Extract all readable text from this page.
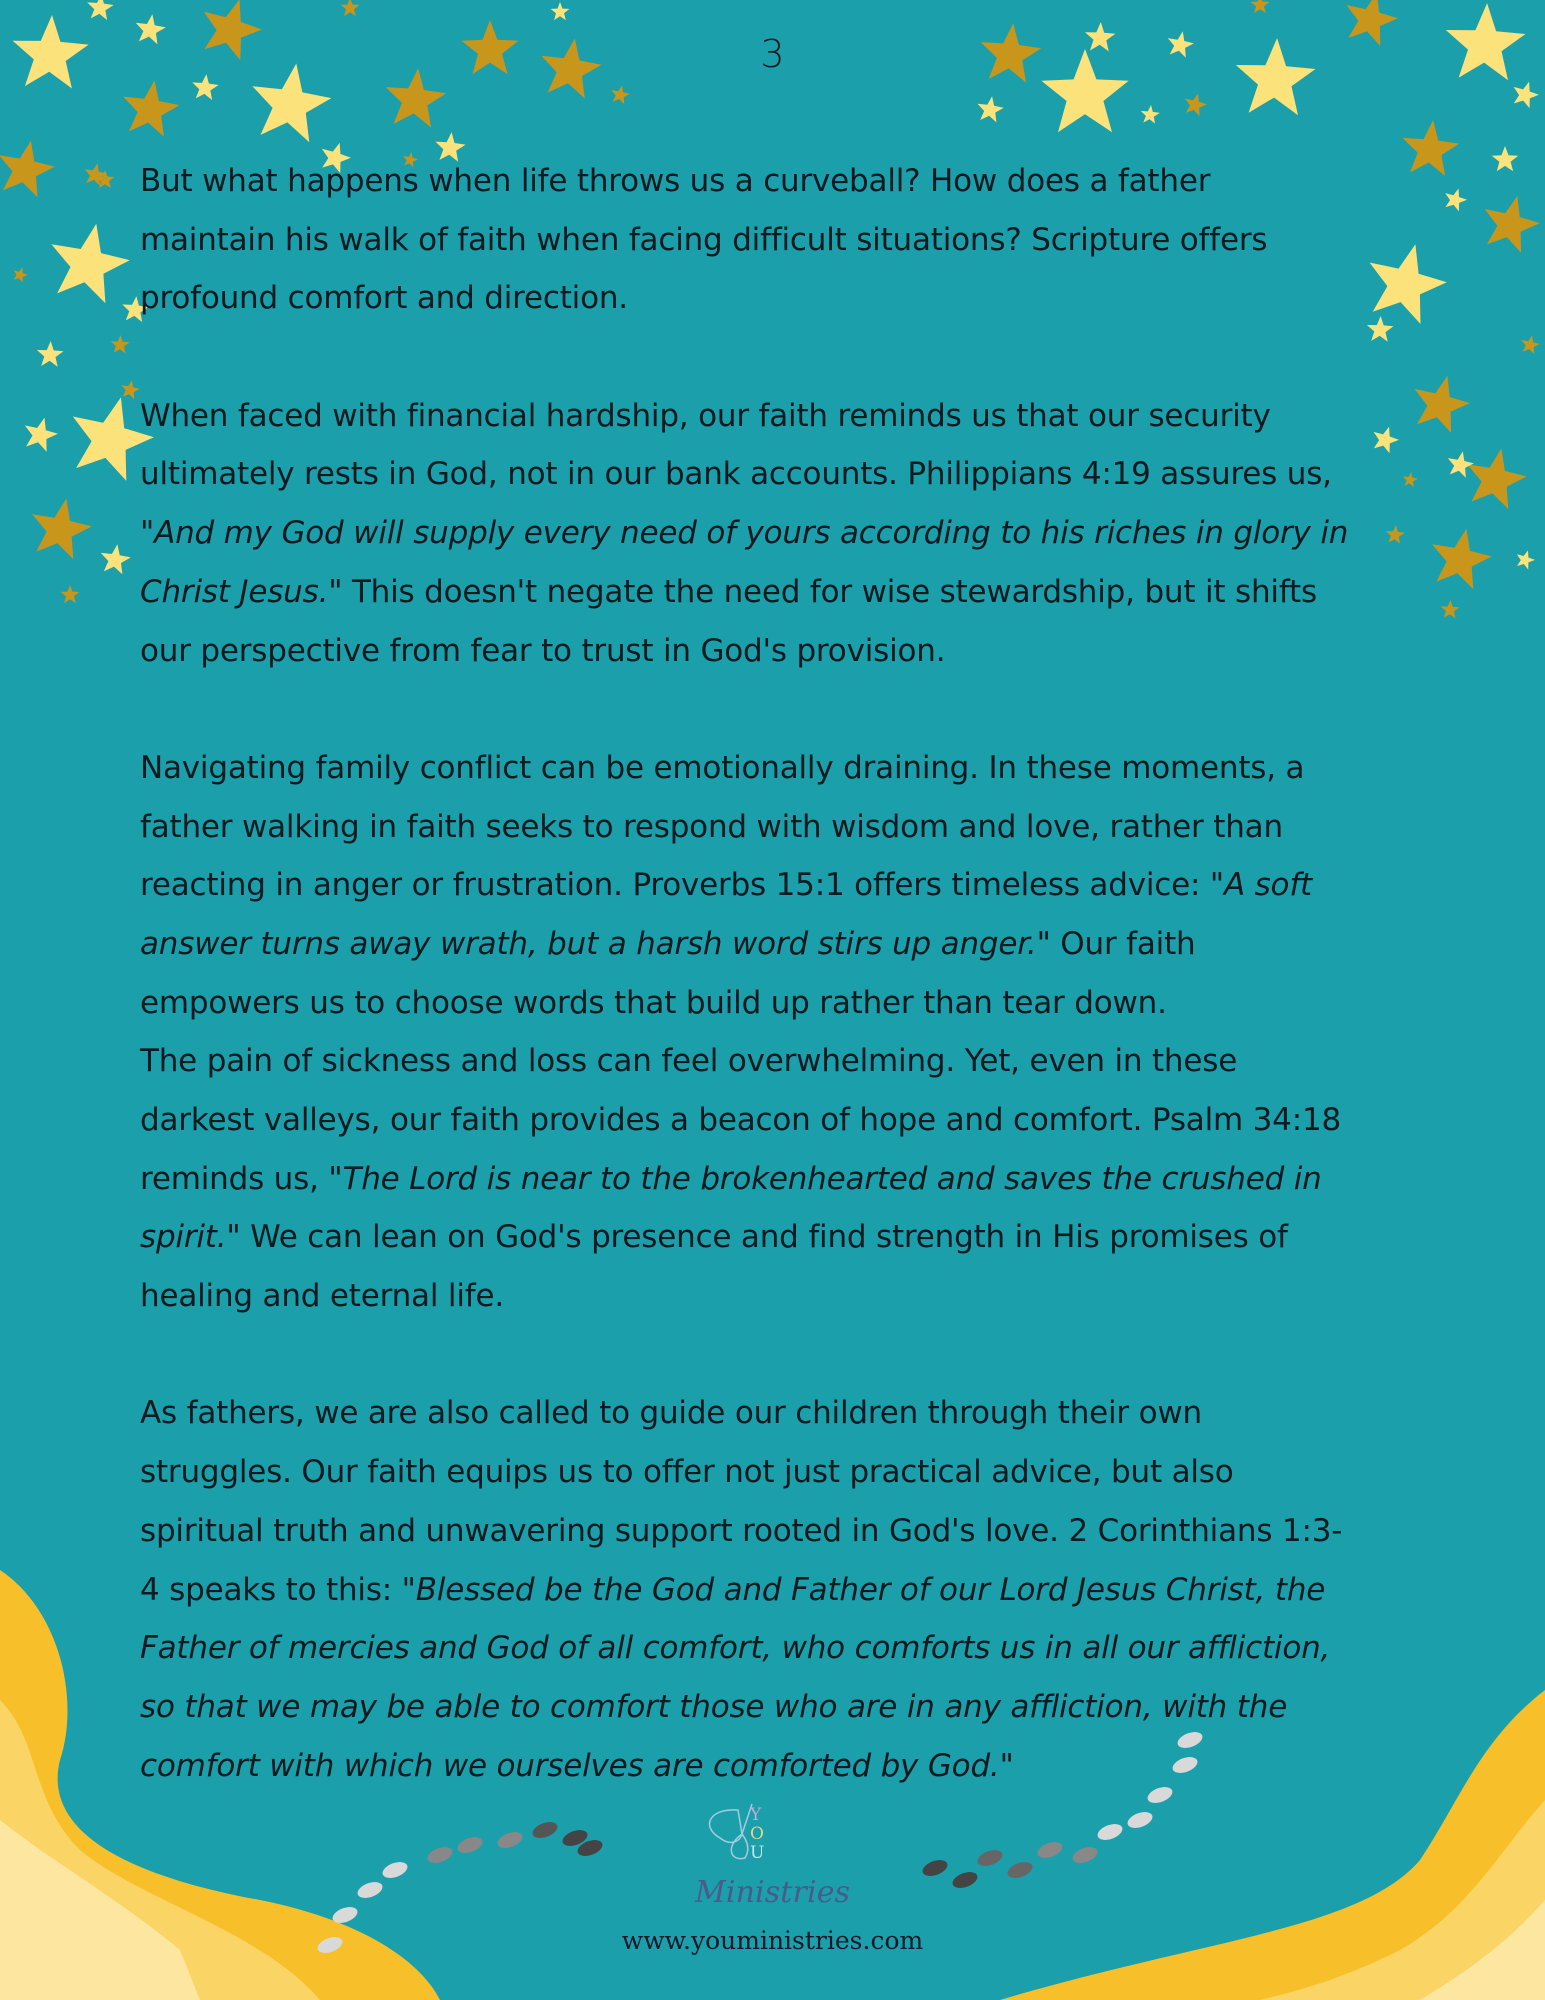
3
But what happens when life throws us a curveball? How does a father
maintain his walk of faith when facing difficult situations? Scripture offers
profound comfort and direction.

When faced with financial hardship, our faith reminds us that our security
ultimately rests in God, not in our bank accounts. Philippians 4:19 assures us,
"And my God will supply every need of yours according to his riches in glory in
Christ Jesus." This doesn't negate the need for wise stewardship, but it shifts
our perspective from fear to trust in God's provision.

Navigating family conflict can be emotionally draining. In these moments, a
father walking in faith seeks to respond with wisdom and love, rather than
reacting in anger or frustration. Proverbs 15:1 offers timeless advice: "A soft
answer turns away wrath, but a harsh word stirs up anger." Our faith
empowers us to choose words that build up rather than tear down.
The pain of sickness and loss can feel overwhelming. Yet, even in these
darkest valleys, our faith provides a beacon of hope and comfort. Psalm 34:18
reminds us, "The Lord is near to the brokenhearted and saves the crushed in
spirit." We can lean on God's presence and find strength in His promises of
healing and eternal life.

As fathers, we are also called to guide our children through their own
struggles. Our faith equips us to offer not just practical advice, but also
spiritual truth and unwavering support rooted in God's love. 2 Corinthians 1:3-
4 speaks to this: "Blessed be the God and Father of our Lord Jesus Christ, the
Father of mercies and God of all comfort, who comforts us in all our affliction,
so that we may be able to comfort those who are in any affliction, with the
comfort with which we ourselves are comforted by God."
Y
O
U
Ministries
www.youministries.com
